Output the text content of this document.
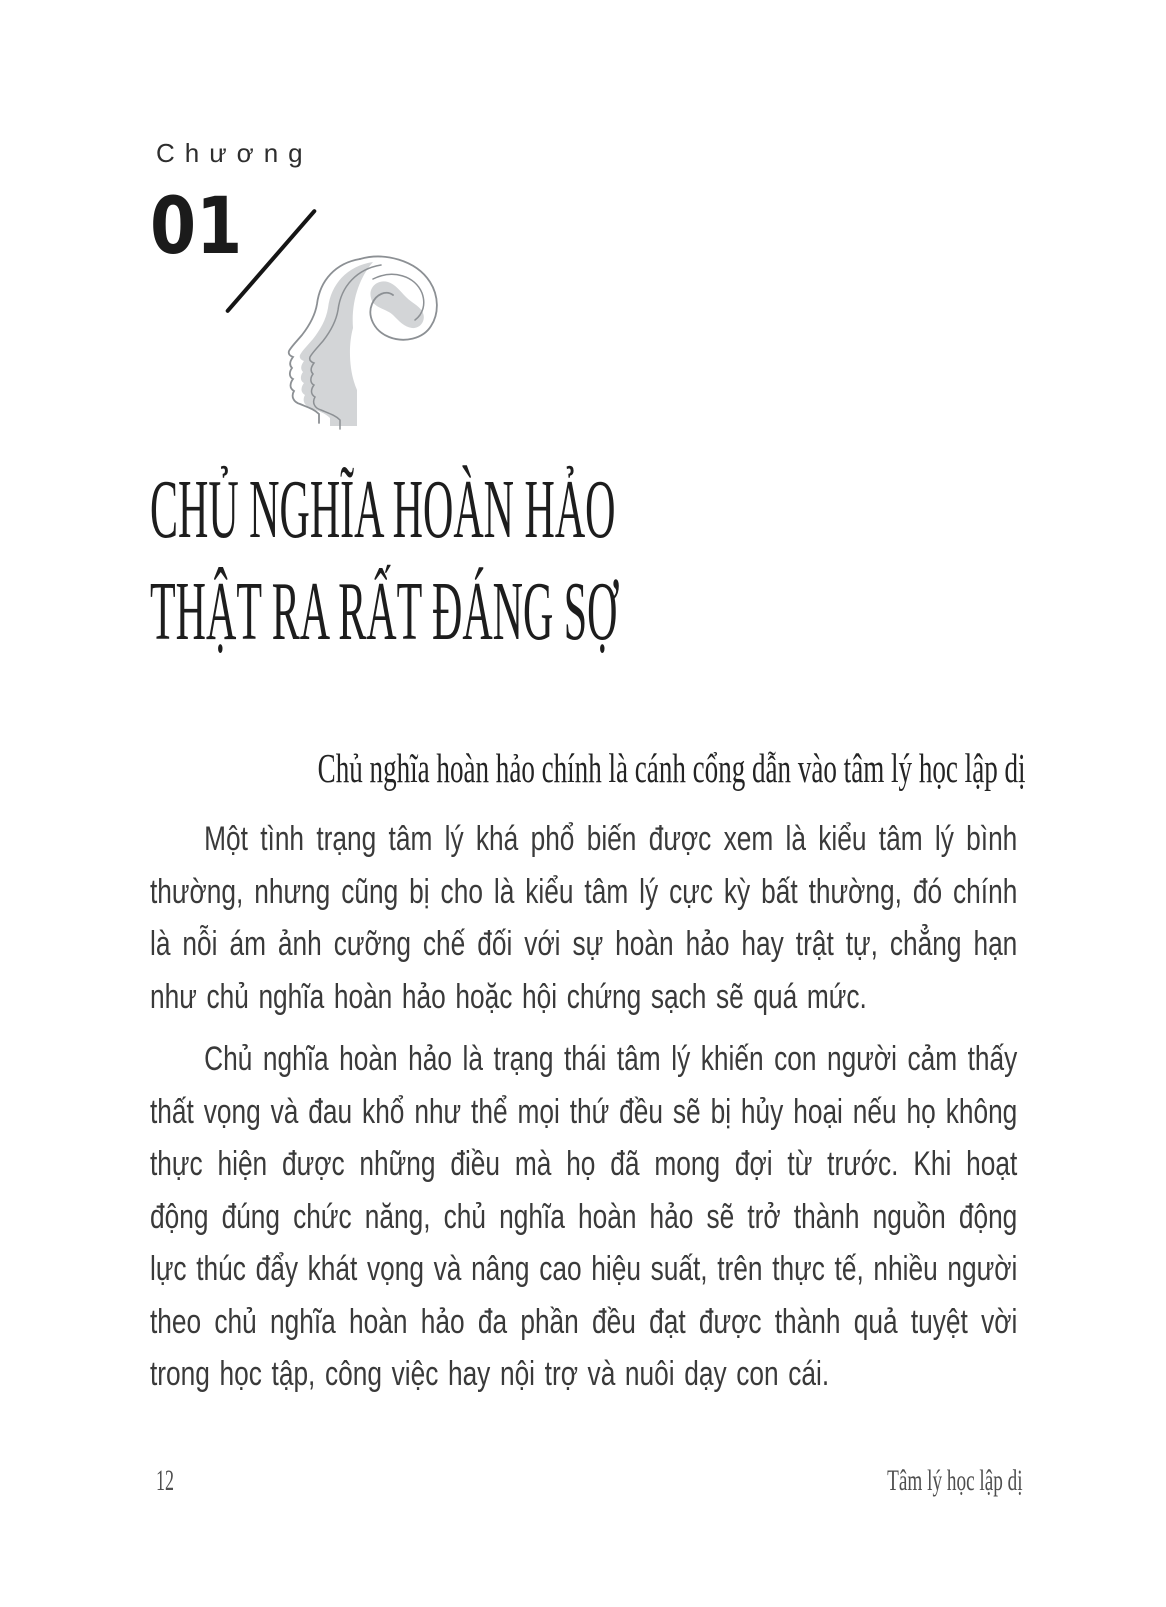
Chương
01
CHỦ NGHĨA HOÀN HẢO
THẬT RA RẤT ĐÁNG SỢ
Chủ nghĩa hoàn hảo chính là cánh cổng dẫn vào tâm lý học lập dị

Một tình trạng tâm lý khá phổ biến được xem là kiểu tâm lý bình thường, nhưng cũng bị cho là kiểu tâm lý cực kỳ bất thường, đó chính là nỗi ám ảnh cưỡng chế đối với sự hoàn hảo hay trật tự, chẳng hạn như chủ nghĩa hoàn hảo hoặc hội chứng sạch sẽ quá mức.

Chủ nghĩa hoàn hảo là trạng thái tâm lý khiến con người cảm thấy thất vọng và đau khổ như thể mọi thứ đều sẽ bị hủy hoại nếu họ không thực hiện được những điều mà họ đã mong đợi từ trước. Khi hoạt động đúng chức năng, chủ nghĩa hoàn hảo sẽ trở thành nguồn động lực thúc đẩy khát vọng và nâng cao hiệu suất, trên thực tế, nhiều người theo chủ nghĩa hoàn hảo đa phần đều đạt được thành quả tuyệt vời trong học tập, công việc hay nội trợ và nuôi dạy con cái.

12	Tâm lý học lập dị
